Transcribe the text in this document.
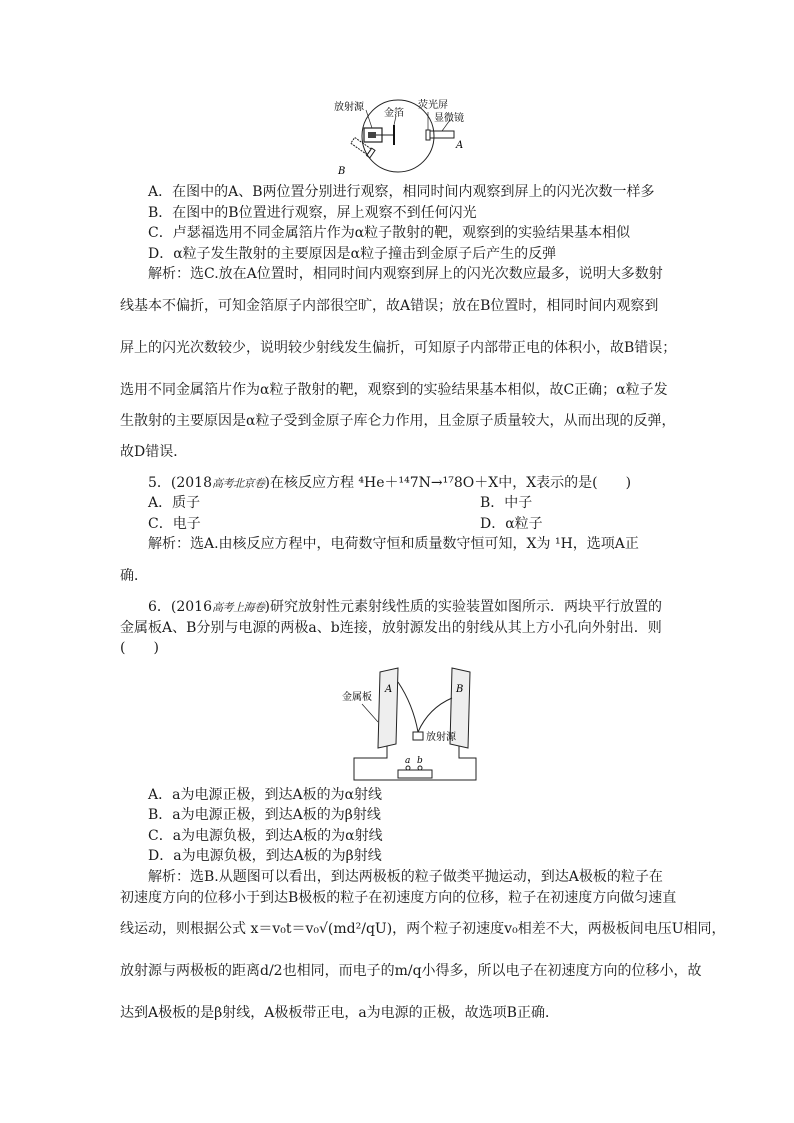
放射源
金箔
荧光屏
显微镜
A
B
A．在图中的A、B两位置分别进行观察，相同时间内观察到屏上的闪光次数一样多
B．在图中的B位置进行观察，屏上观察不到任何闪光
C．卢瑟福选用不同金属箔片作为α粒子散射的靶，观察到的实验结果基本相似
D．α粒子发生散射的主要原因是α粒子撞击到金原子后产生的反弹
解析：选C.放在A位置时，相同时间内观察到屏上的闪光次数应最多，说明大多数射
线基本不偏折，可知金箔原子内部很空旷，故A错误；放在B位置时，相同时间内观察到
屏上的闪光次数较少，说明较少射线发生偏折，可知原子内部带正电的体积小，故B错误；
选用不同金属箔片作为α粒子散射的靶，观察到的实验结果基本相似，故C正确；α粒子发
生散射的主要原因是α粒子受到金原子库仑力作用，且金原子质量较大，从而出现的反弹，
故D错误．
5．(2018高考北京卷)在核反应方程 ⁴He＋¹⁴7N→¹⁷8O＋X中，X表示的是(　　)
A．质子	B．中子
C．电子	D．α粒子
解析：选A.由核反应方程中，电荷数守恒和质量数守恒可知，X为 ¹H，选项A正
确．
6．(2016高考上海卷)研究放射性元素射线性质的实验装置如图所示．两块平行放置的
金属板A、B分别与电源的两极a、b连接，放射源发出的射线从其上方小孔向外射出．则
(　　)
A	B
金属板
放射源
a b
A．a为电源正极，到达A板的为α射线
B．a为电源正极，到达A板的为β射线
C．a为电源负极，到达A板的为α射线
D．a为电源负极，到达A板的为β射线
解析：选B.从题图可以看出，到达两极板的粒子做类平抛运动，到达A极板的粒子在
初速度方向的位移小于到达B极板的粒子在初速度方向的位移，粒子在初速度方向做匀速直
线运动，则根据公式 x＝v₀t＝v₀√(md²/qU)，两个粒子初速度v₀相差不大，两极板间电压U相同，
放射源与两极板的距离d/2也相同，而电子的m/q小得多，所以电子在初速度方向的位移小，故
达到A极板的是β射线，A极板带正电，a为电源的正极，故选项B正确．
